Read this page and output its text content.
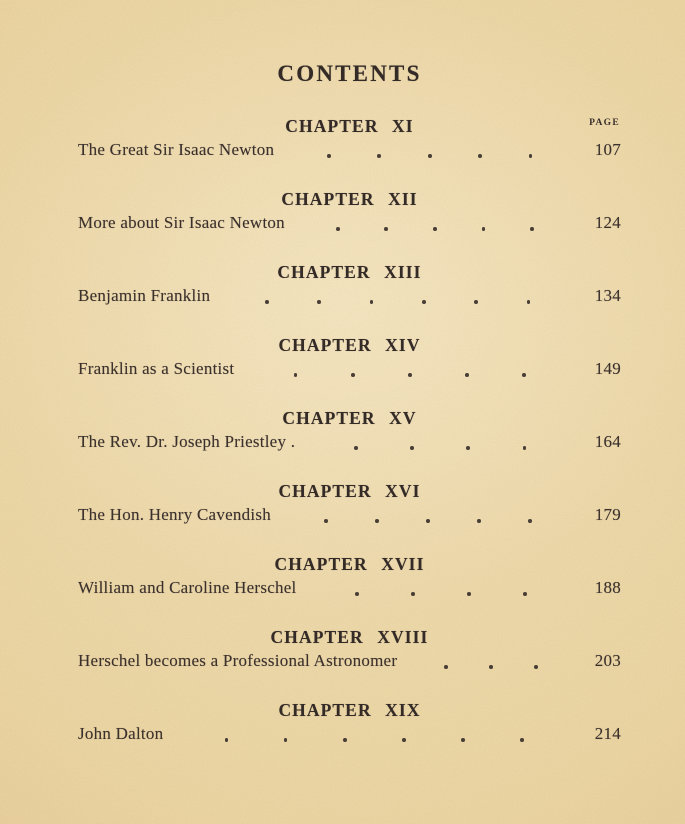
CONTENTS
CHAPTER XI	PAGE
The Great Sir Isaac Newton	107
CHAPTER XII
More about Sir Isaac Newton	124
CHAPTER XIII
Benjamin Franklin	134
CHAPTER XIV
Franklin as a Scientist	149
CHAPTER XV
The Rev. Dr. Joseph Priestley .	164
CHAPTER XVI
The Hon. Henry Cavendish	179
CHAPTER XVII
William and Caroline Herschel	188
CHAPTER XVIII
Herschel becomes a Professional Astronomer	203
CHAPTER XIX
John Dalton	214
